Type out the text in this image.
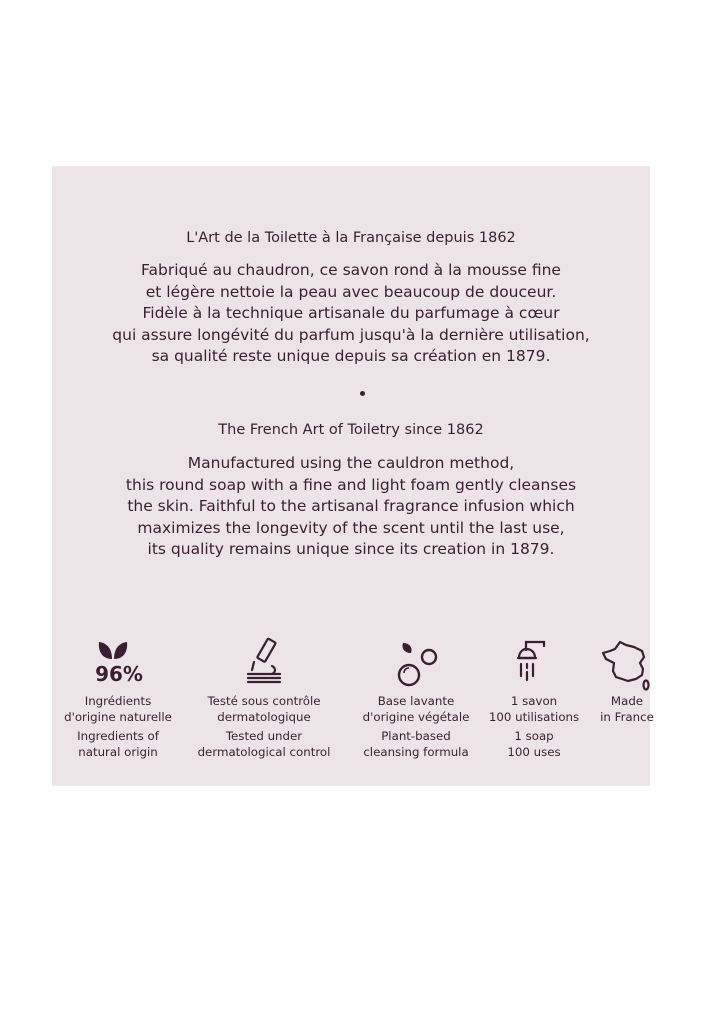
L'Art de la Toilette à la Française depuis 1862
Fabriqué au chaudron, ce savon rond à la mousse fine
et légère nettoie la peau avec beaucoup de douceur.
Fidèle à la technique artisanale du parfumage à cœur
qui assure longévité du parfum jusqu'à la dernière utilisation,
sa qualité reste unique depuis sa création en 1879.
The French Art of Toiletry since 1862
Manufactured using the cauldron method,
this round soap with a fine and light foam gently cleanses
the skin. Faithful to the artisanal fragrance infusion which
maximizes the longevity of the scent until the last use,
its quality remains unique since its creation in 1879.
96%
Ingrédients
d'origine naturelle
Ingredients of
natural origin
Testé sous contrôle
dermatologique
Tested under
dermatological control
Base lavante
d'origine végétale
Plant-based
cleansing formula
1 savon
100 utilisations
1 soap
100 uses
Made
in France
